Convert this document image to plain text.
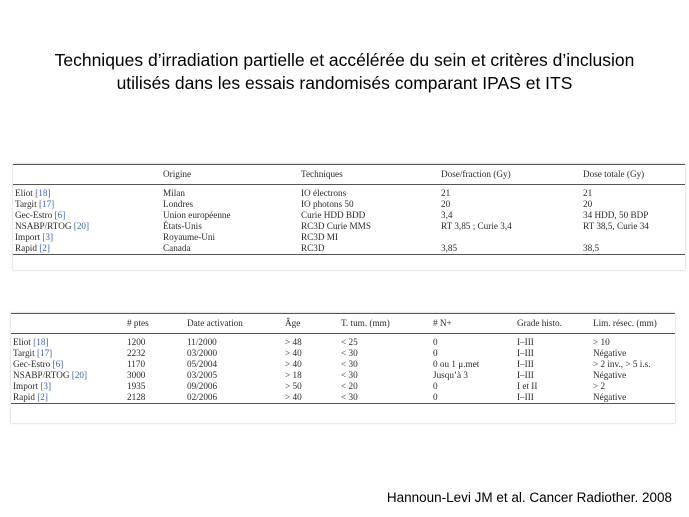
Techniques d’irradiation partielle et accélérée du sein et critères d’inclusion
utilisés dans les essais randomisés comparant IPAS et ITS
	Origine	Techniques	Dose/fraction (Gy)	Dose totale (Gy)
Eliot [18]	Milan	IO électrons	21	21
Targit [17]	Londres	IO photons 50	20	20
Gec-Estro [6]	Union européenne	Curie HDD BDD	3,4	34 HDD, 50 BDP
NSABP/RTOG [20]	États-Unis	RC3D Curie MMS	RT 3,85 ; Curie 3,4	RT 38,5, Curie 34
Import [3]	Royaume-Uni	RC3D MI		
Rapid [2]	Canada	RC3D	3,85	38,5
	# ptes	Date activation	Âge	T. tum. (mm)	# N+	Grade histo.	Lim. résec. (mm)
Eliot [18]	1200	11/2000	> 48	< 25	0	I–III	> 10
Targit [17]	2232	03/2000	> 40	< 30	0	I–III	Négative
Gec-Estro [6]	1170	05/2004	> 40	< 30	0 ou 1 μ.met	I–III	> 2 inv., > 5 i.s.
NSABP/RTOG [20]	3000	03/2005	> 18	< 30	Jusqu’à 3	I–III	Négative
Import [3]	1935	09/2006	> 50	< 20	0	I et II	> 2
Rapid [2]	2128	02/2006	> 40	< 30	0	I–III	Négative
Hannoun-Levi JM et al. Cancer Radiother. 2008
